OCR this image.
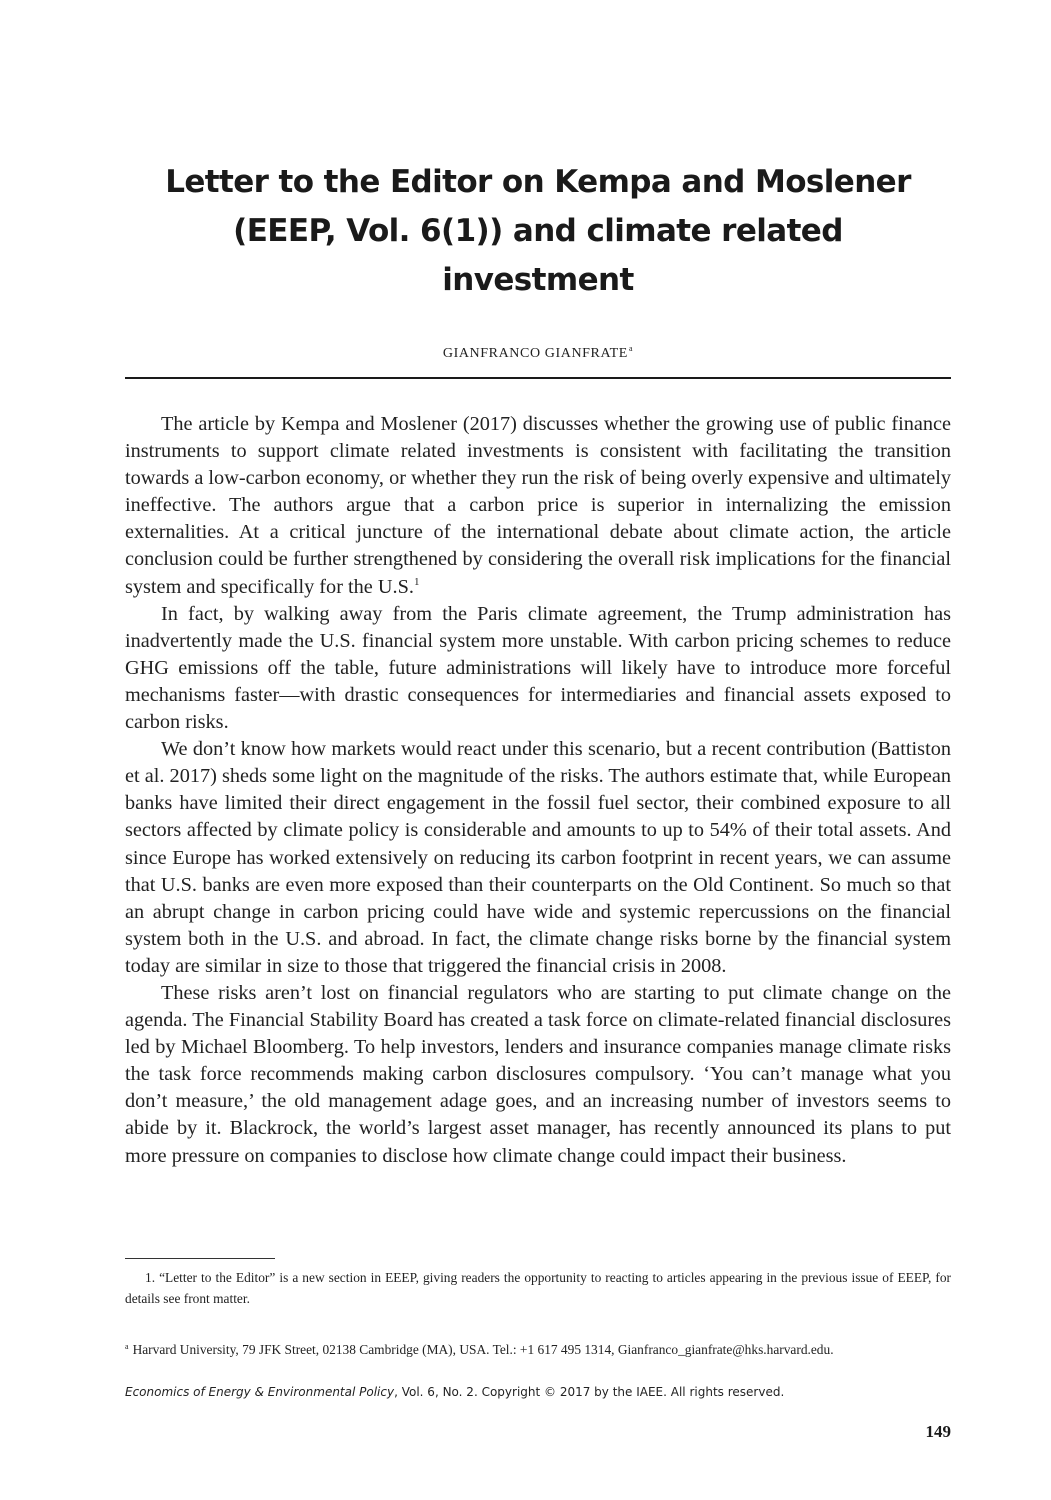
Letter to the Editor on Kempa and Moslener
(EEEP, Vol. 6(1)) and climate related
investment
GIANFRANCO GIANFRATE$^a$

The article by Kempa and Moslener (2017) discusses whether the growing use of public finance instruments to support climate related investments is consistent with facilitating the transition towards a low-carbon economy, or whether they run the risk of being overly expensive and ultimately ineffective. The authors argue that a carbon price is superior in internalizing the emission externalities. At a critical juncture of the international debate about climate action, the article conclusion could be further strengthened by considering the overall risk implications for the financial system and specifically for the U.S.$^1$

In fact, by walking away from the Paris climate agreement, the Trump administration has inadvertently made the U.S. financial system more unstable. With carbon pricing schemes to reduce GHG emissions off the table, future administrations will likely have to introduce more forceful mechanisms faster—with drastic consequences for intermediaries and financial assets exposed to carbon risks.

We don’t know how markets would react under this scenario, but a recent contribution (Battiston et al. 2017) sheds some light on the magnitude of the risks. The authors estimate that, while European banks have limited their direct engagement in the fossil fuel sector, their combined exposure to all sectors affected by climate policy is considerable and amounts to up to 54% of their total assets. And since Europe has worked extensively on reducing its carbon footprint in recent years, we can assume that U.S. banks are even more exposed than their counterparts on the Old Continent. So much so that an abrupt change in carbon pricing could have wide and systemic repercussions on the financial system both in the U.S. and abroad. In fact, the climate change risks borne by the financial system today are similar in size to those that triggered the financial crisis in 2008.

These risks aren’t lost on financial regulators who are starting to put climate change on the agenda. The Financial Stability Board has created a task force on climate-related financial disclosures led by Michael Bloomberg. To help investors, lenders and insurance companies manage climate risks the task force recommends making carbon disclosures compulsory. ‘You can’t manage what you don’t measure,’ the old management adage goes, and an increasing number of investors seems to abide by it. Blackrock, the world’s largest asset manager, has recently announced its plans to put more pressure on companies to disclose how climate change could impact their business.

1. “Letter to the Editor” is a new section in EEEP, giving readers the opportunity to reacting to articles appearing in the previous issue of EEEP, for details see front matter.
$^a$ Harvard University, 79 JFK Street, 02138 Cambridge (MA), USA. Tel.: +1 617 495 1314, Gianfranco_gianfrate@hks.harvard.edu.
Economics of Energy & Environmental Policy, Vol. 6, No. 2. Copyright © 2017 by the IAEE. All rights reserved.
149
